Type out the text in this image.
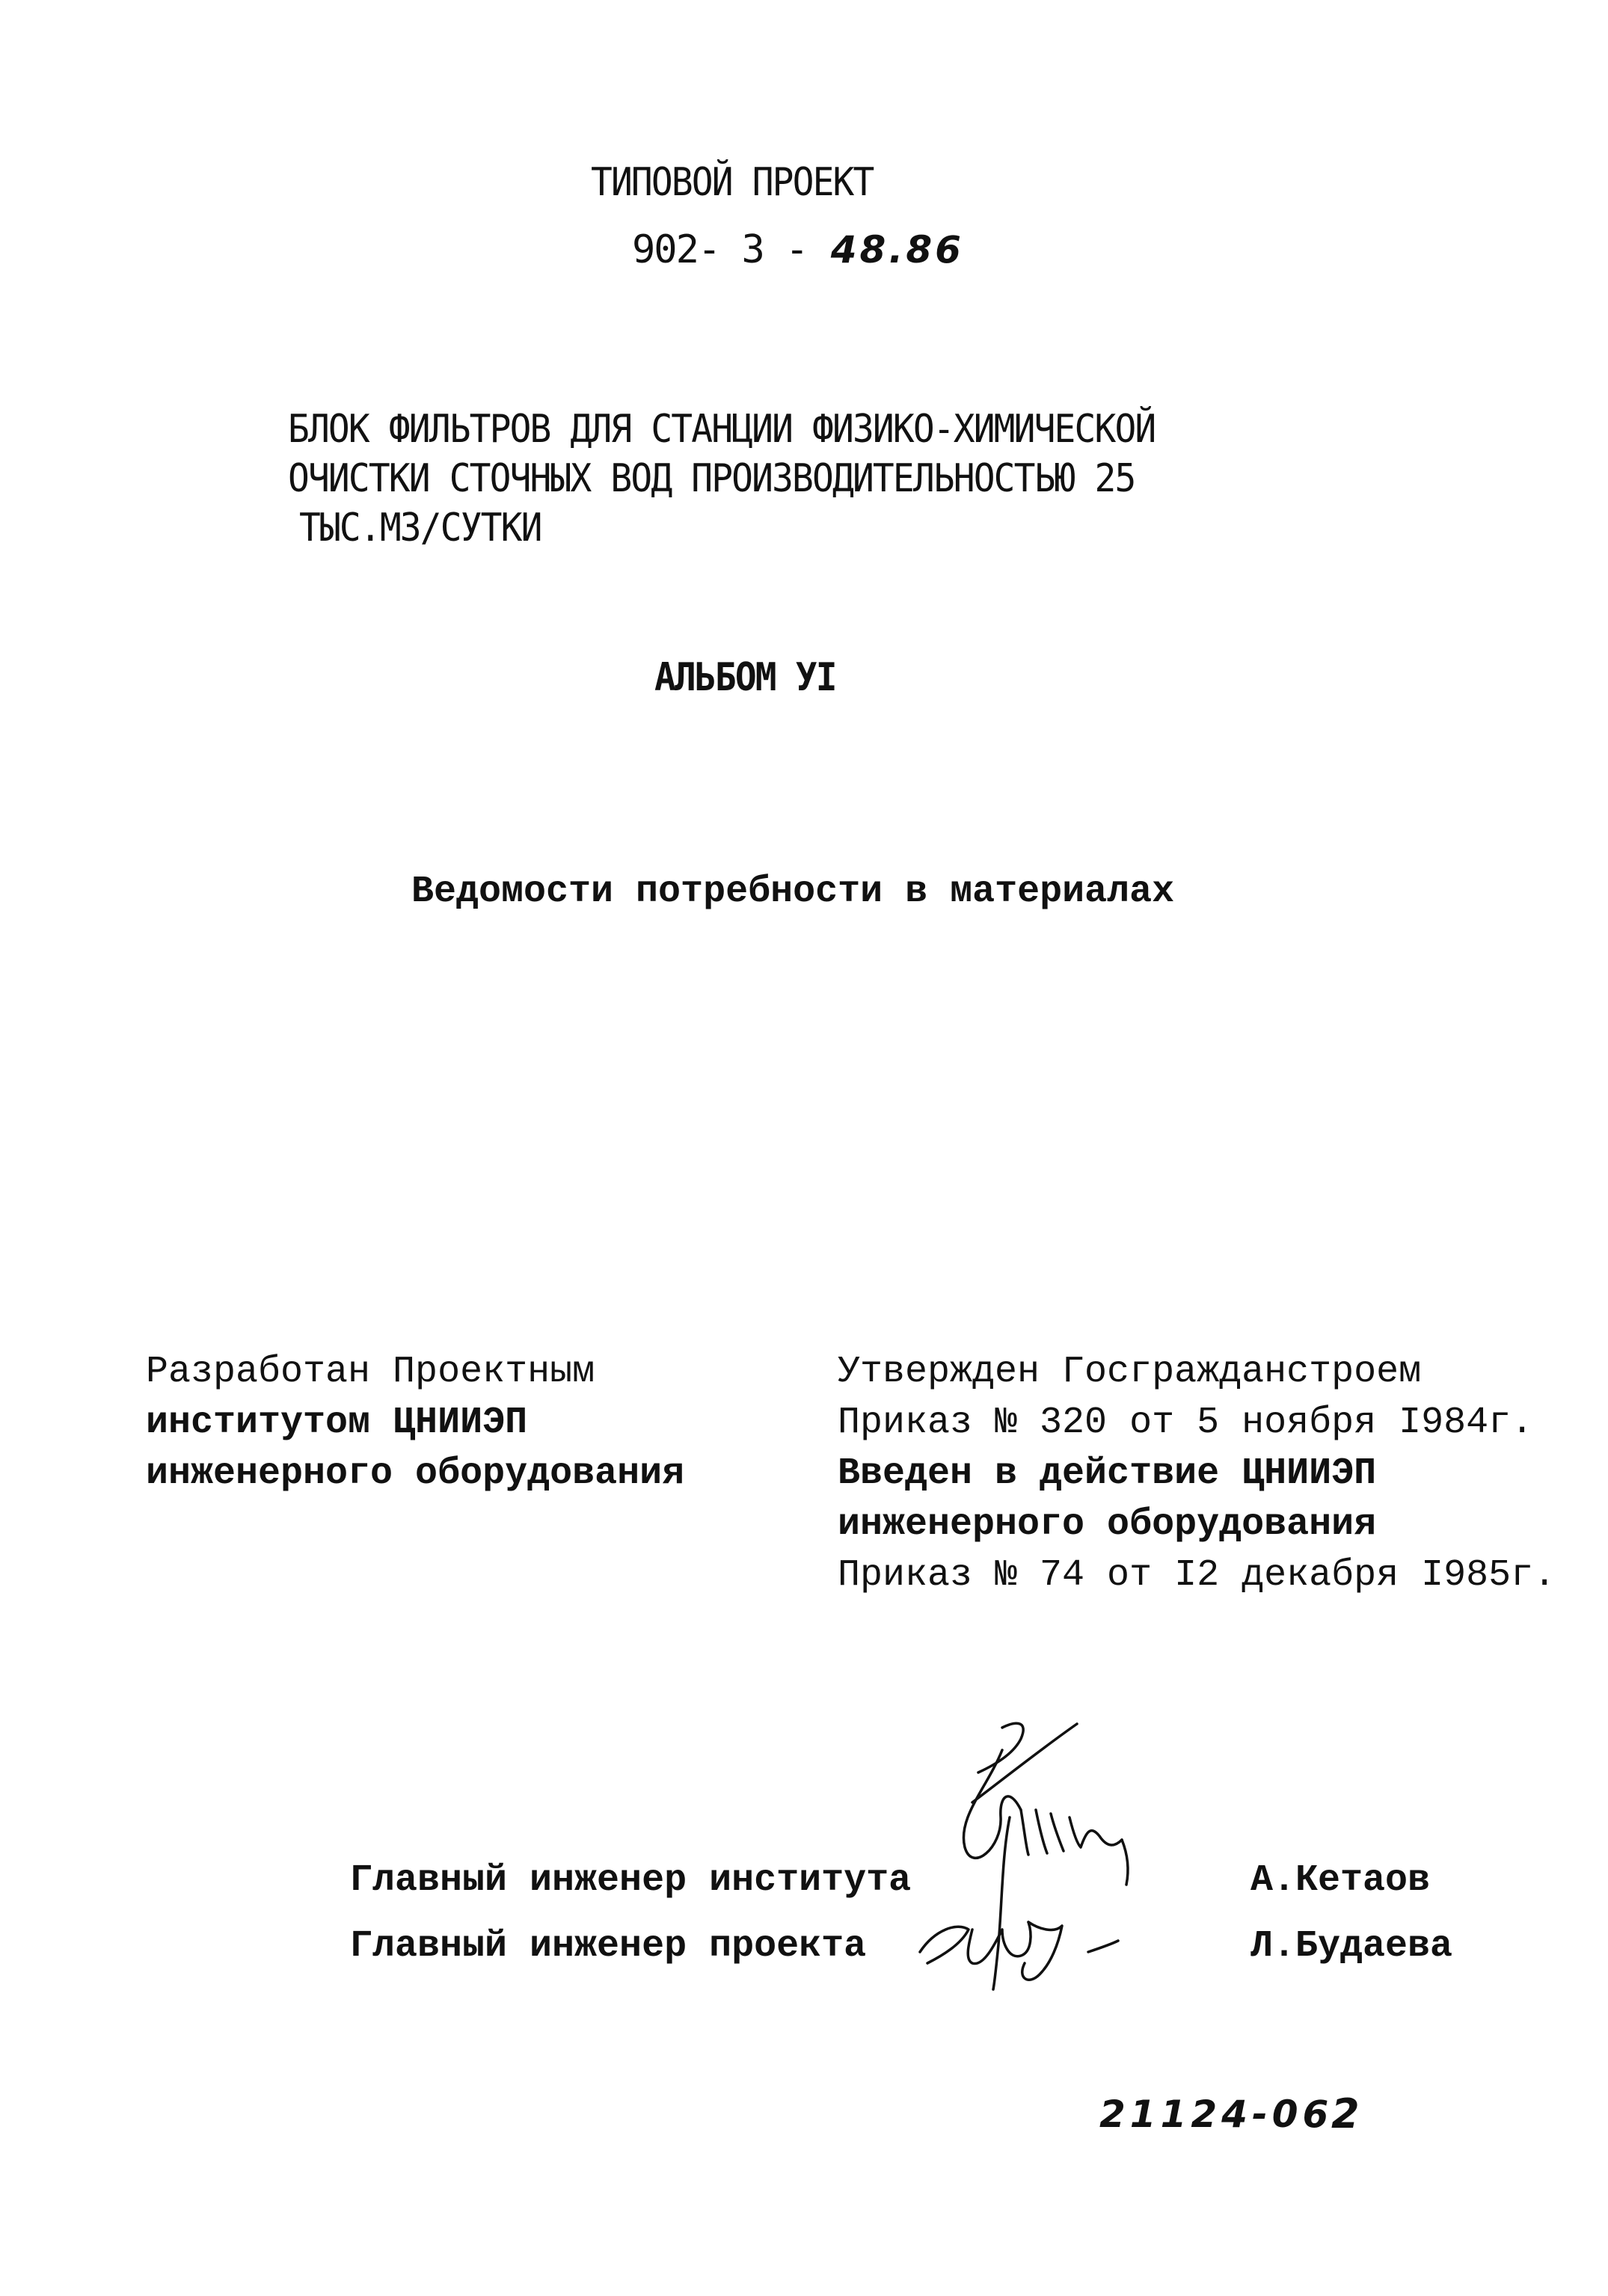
ТИПОВОЙ ПРОЕКТ
902- 3 - 48.86
БЛОК ФИЛЬТРОВ ДЛЯ СТАНЦИИ ФИЗИКО-ХИМИЧЕСКОЙ
ОЧИСТКИ СТОЧНЫХ ВОД ПРОИЗВОДИТЕЛЬНОСТЬЮ 25
ТЫС.М3/СУТКИ
АЛЬБОМ УI
Ведомости потребности в материалах
Разработан Проектным
институтом ЦНИИЭП
инженерного оборудования
Утвержден Госгражданстроем
Приказ № 320 от 5 ноября I984г.
Введен в действие ЦНИИЭП
инженерного оборудования
Приказ № 74 от I2 декабря I985г.
Главный инженер института	А.Кетаов
Главный инженер проекта	Л.Будаева
21124-06
2
